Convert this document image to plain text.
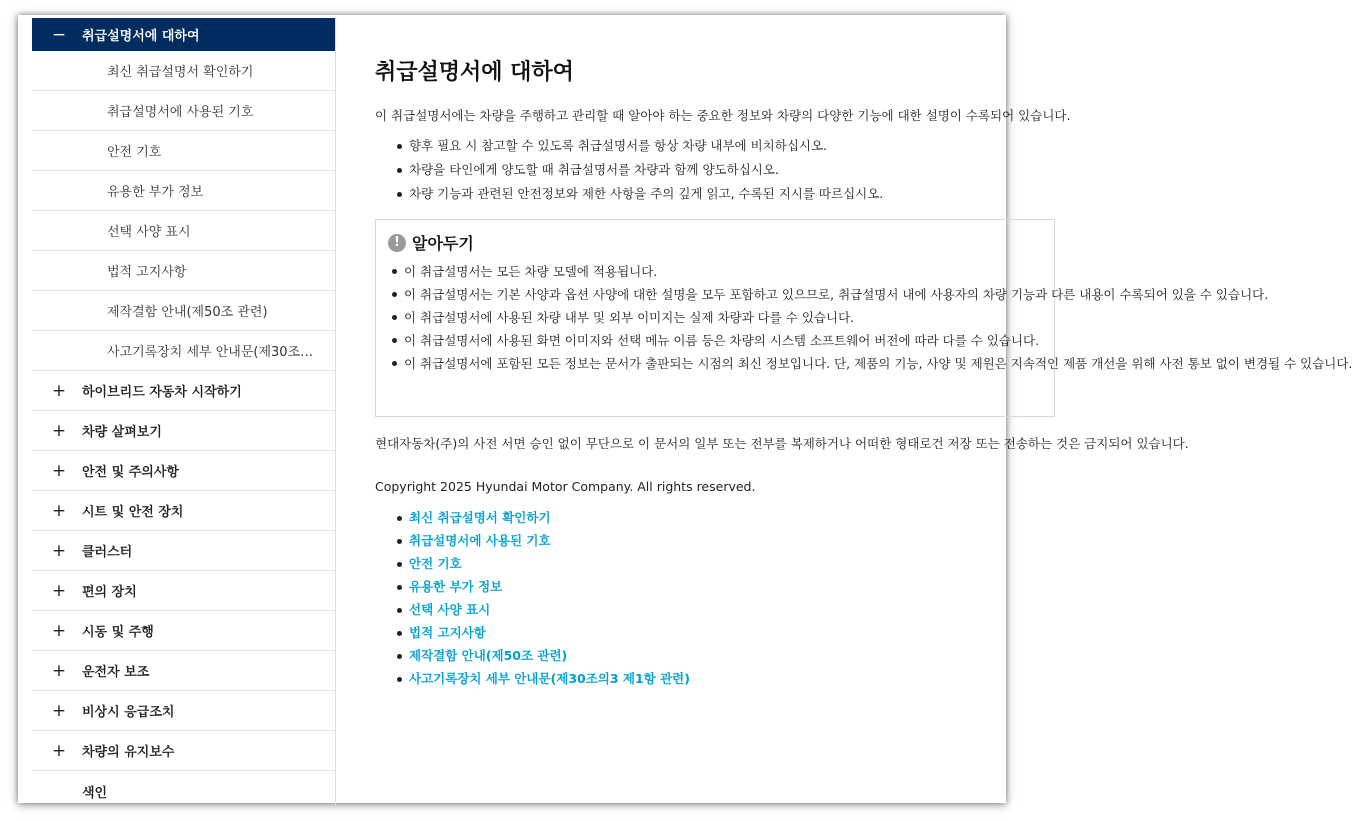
− 취급설명서에 대하여
최신 취급설명서 확인하기
취급설명서에 사용된 기호
안전 기호
유용한 부가 정보
선택 사양 표시
법적 고지사항
제작결함 안내(제50조 관련)
사고기록장치 세부 안내문(제30조…
+ 하이브리드 자동차 시작하기
+ 차량 살펴보기
+ 안전 및 주의사항
+ 시트 및 안전 장치
+ 클러스터
+ 편의 장치
+ 시동 및 주행
+ 운전자 보조
+ 비상시 응급조치
+ 차량의 유지보수
색인
취급설명서에 대하여
이 취급설명서에는 차량을 주행하고 관리할 때 알아야 하는 중요한 정보와 차량의 다양한 기능에 대한 설명이 수록되어 있습니다.
향후 필요 시 참고할 수 있도록 취급설명서를 항상 차량 내부에 비치하십시오.
차량을 타인에게 양도할 때 취급설명서를 차량과 함께 양도하십시오.
차량 기능과 관련된 안전정보와 제한 사항을 주의 깊게 읽고, 수록된 지시를 따르십시오.
! 알아두기
이 취급설명서는 모든 차량 모델에 적용됩니다.
이 취급설명서는 기본 사양과 옵션 사양에 대한 설명을 모두 포함하고 있으므로, 취급설명서 내에 사용자의 차량 기능과 다른 내용이 수록되어 있을 수 있습니다.
이 취급설명서에 사용된 차량 내부 및 외부 이미지는 실제 차량과 다를 수 있습니다.
이 취급설명서에 사용된 화면 이미지와 선택 메뉴 이름 등은 차량의 시스템 소프트웨어 버전에 따라 다를 수 있습니다.
이 취급설명서에 포함된 모든 정보는 문서가 출판되는 시점의 최신 정보입니다. 단, 제품의 기능, 사양 및 제원은 지속적인 제품 개선을 위해 사전 통보 없이 변경될 수 있습니다.

현대자동차(주)의 사전 서면 승인 없이 무단으로 이 문서의 일부 또는 전부를 복제하거나 어떠한 형태로건 저장 또는 전송하는 것은 금지되어 있습니다.

Copyright 2025 Hyundai Motor Company. All rights reserved.

최신 취급설명서 확인하기
취급설명서에 사용된 기호
안전 기호
유용한 부가 정보
선택 사양 표시
법적 고지사항
제작결함 안내(제50조 관련)
사고기록장치 세부 안내문(제30조의3 제1항 관련)
